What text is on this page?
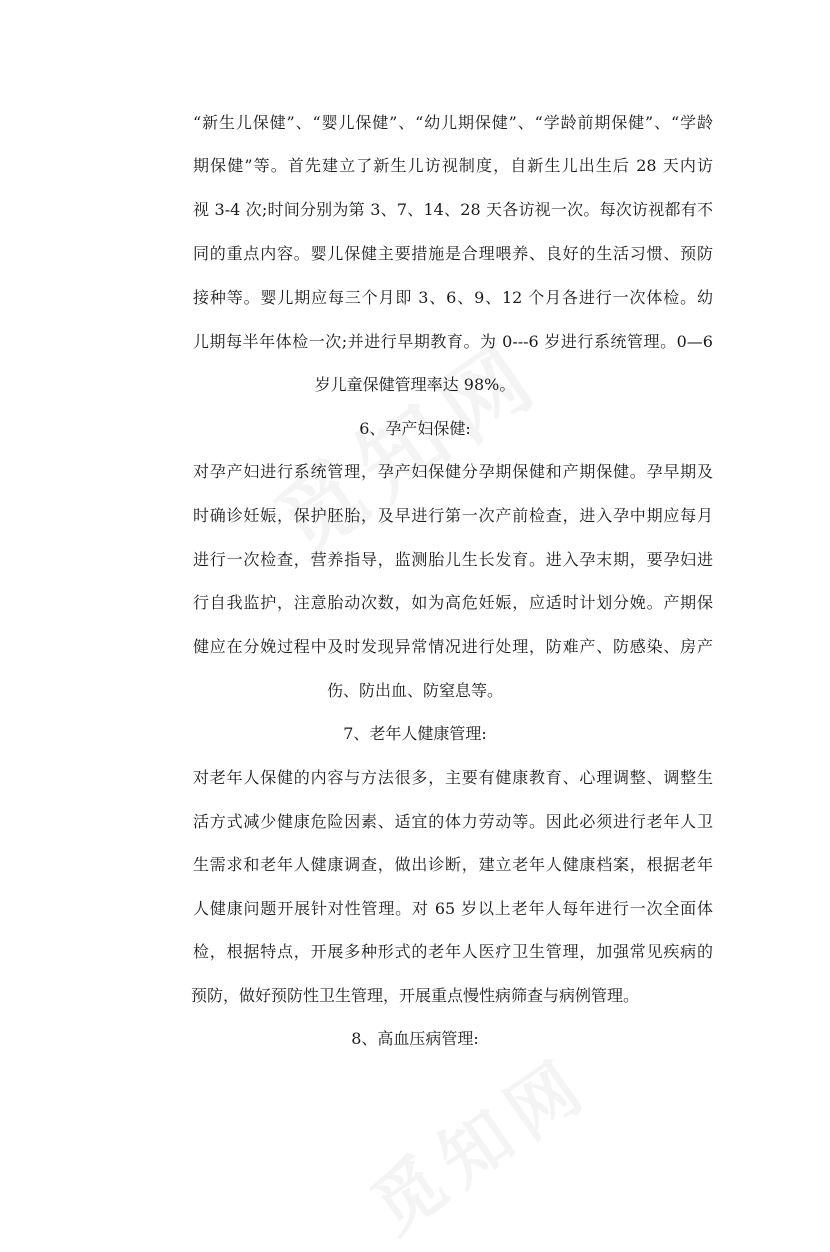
“新生儿保健”、“婴儿保健”、“幼儿期保健”、“学龄前期保健”、“学龄
期保健”等。首先建立了新生儿访视制度，自新生儿出生后 28 天内访
视 3-4 次;时间分别为第 3、7、14、28 天各访视一次。每次访视都有不
同的重点内容。婴儿保健主要措施是合理喂养、良好的生活习惯、预防
接种等。婴儿期应每三个月即 3、6、9、12 个月各进行一次体检。幼
儿期每半年体检一次;并进行早期教育。为 0---6 岁进行系统管理。0—6
岁儿童保健管理率达 98%。
6、孕产妇保健:
对孕产妇进行系统管理，孕产妇保健分孕期保健和产期保健。孕早期及
时确诊妊娠，保护胚胎，及早进行第一次产前检查，进入孕中期应每月
进行一次检查，营养指导，监测胎儿生长发育。进入孕末期，要孕妇进
行自我监护，注意胎动次数，如为高危妊娠，应适时计划分娩。产期保
健应在分娩过程中及时发现异常情况进行处理，防难产、防感染、房产
伤、防出血、防窒息等。
7、老年人健康管理:
对老年人保健的内容与方法很多，主要有健康教育、心理调整、调整生
活方式减少健康危险因素、适宜的体力劳动等。因此必须进行老年人卫
生需求和老年人健康调查，做出诊断，建立老年人健康档案，根据老年
人健康问题开展针对性管理。对 65 岁以上老年人每年进行一次全面体
检，根据特点，开展多种形式的老年人医疗卫生管理，加强常见疾病的
预防，做好预防性卫生管理，开展重点慢性病筛查与病例管理。
8、高血压病管理:
